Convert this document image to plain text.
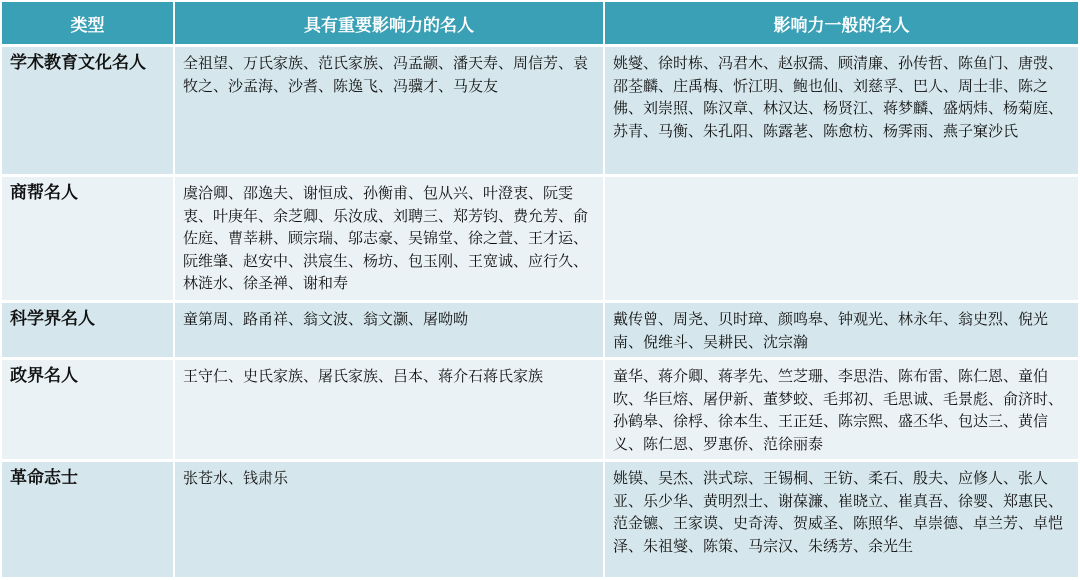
类型	具有重要影响力的名人	影响力一般的名人
学术教育文化名人	全祖望、万氏家族、范氏家族、冯孟颛、潘天寿、周信芳、袁牧之、沙孟海、沙耆、陈逸飞、冯骥才、马友友	姚燮、徐时栋、冯君木、赵叔孺、顾清廉、孙传哲、陈鱼门、唐弢、邵荃麟、庄禹梅、忻江明、鲍也仙、刘慈孚、巴人、周士非、陈之佛、刘崇照、陈汉章、林汉达、杨贤江、蒋梦麟、盛炳炜、杨菊庭、苏青、马衡、朱孔阳、陈露荖、陈愈枋、杨霁雨、燕子窠沙氏
商帮名人	虞洽卿、邵逸夫、谢恒成、孙衡甫、包从兴、叶澄衷、阮雯衷、叶庚年、余芝卿、乐汝成、刘聘三、郑芳钧、费允芳、俞佐庭、曹莘耕、顾宗瑞、邬志豪、吴锦堂、徐之萱、王才运、阮维肇、赵安中、洪宸生、杨坊、包玉刚、王宽诚、应行久、林涟水、徐圣禅、谢和寿	
科学界名人	童第周、路甬祥、翁文波、翁文灏、屠呦呦	戴传曾、周尧、贝时璋、颜鸣皋、钟观光、林永年、翁史烈、倪光南、倪维斗、吴耕民、沈宗瀚
政界名人	王守仁、史氏家族、屠氏家族、吕本、蒋介石蒋氏家族	童华、蒋介卿、蒋孝先、竺芝珊、李思浩、陈布雷、陈仁恩、童伯吹、华巨熔、屠伊新、董梦蛟、毛邦初、毛思诚、毛景彪、俞济时、孙鹤皋、徐桴、徐本生、王正廷、陈宗熙、盛丕华、包达三、黄信义、陈仁恩、罗惠侨、范徐丽泰
革命志士	张苍水、钱肃乐	姚镆、吴杰、洪式琮、王锡桐、王钫、柔石、殷夫、应修人、张人亚、乐少华、黄明烈士、谢葆濂、崔晓立、崔真吾、徐婴、郑惠民、范金镳、王家谟、史奇涛、贺威圣、陈照华、卓崇德、卓兰芳、卓恺泽、朱祖燮、陈策、马宗汉、朱绣芳、余光生
